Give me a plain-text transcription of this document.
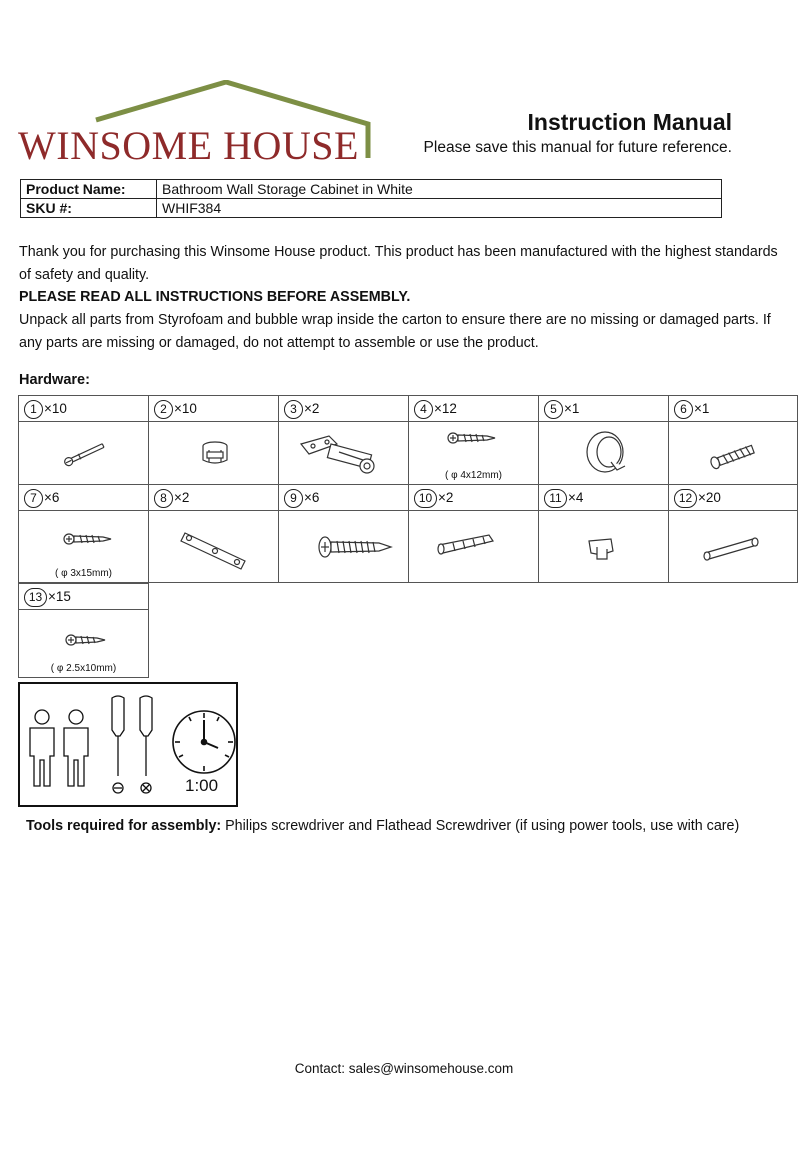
WINSOME HOUSE
Instruction Manual
Please save this manual for future reference.
Product Name:	Bathroom Wall Storage Cabinet in White
SKU #:	WHIF384
Thank you for purchasing this Winsome House product. This product has been manufactured with the highest standards of safety and quality.
PLEASE READ ALL INSTRUCTIONS BEFORE ASSEMBLY.
Unpack all parts from Styrofoam and bubble wrap inside the carton to ensure there are no missing or damaged parts. If any parts are missing or damaged, do not attempt to assemble or use the product.
Hardware:
1 ×10	2 ×10	3 ×2	4 ×12	5 ×1	6 ×1
( φ 4x12mm)
7 ×6	8 ×2	9 ×6	10 ×2	11 ×4	12 ×20
( φ 3x15mm)
13 ×15
( φ 2.5x10mm)
1:00
Tools required for assembly: Philips screwdriver and Flathead Screwdriver (if using power tools, use with care)
Contact: sales@winsomehouse.com
